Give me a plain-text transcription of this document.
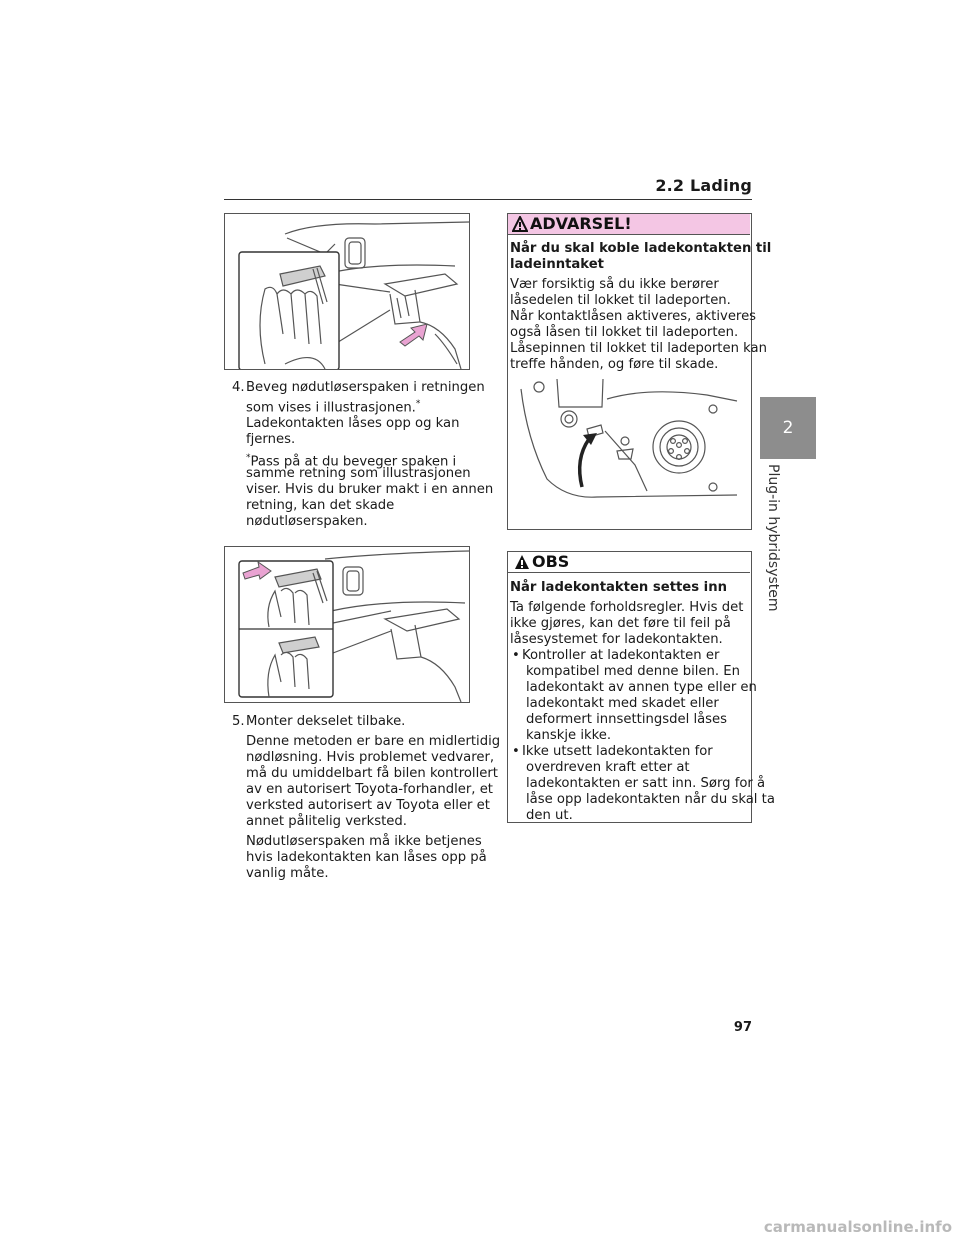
2.2 Lading
2
Plug-in hybridsystem
4. Beveg nødutløserspaken i retningen
som vises i illustrasjonen.*
Ladekontakten låses opp og kan
fjernes.
*Pass på at du beveger spaken i
samme retning som illustrasjonen
viser. Hvis du bruker makt i en annen
retning, kan det skade
nødutløserspaken.
5. Monter dekselet tilbake.
Denne metoden er bare en midlertidig
nødløsning. Hvis problemet vedvarer,
må du umiddelbart få bilen kontrollert
av en autorisert Toyota-forhandler, et
verksted autorisert av Toyota eller et
annet pålitelig verksted.
Nødutløserspaken må ikke betjenes
hvis ladekontakten kan låses opp på
vanlig måte.
ADVARSEL!
Når du skal koble ladekontakten til
ladeinntaket
Vær forsiktig så du ikke berører
låsedelen til lokket til ladeporten.
Når kontaktlåsen aktiveres, aktiveres
også låsen til lokket til ladeporten.
Låsepinnen til lokket til ladeporten kan
treffe hånden, og føre til skade.
OBS
Når ladekontakten settes inn
Ta følgende forholdsregler. Hvis det
ikke gjøres, kan det føre til feil på
låsesystemet for ladekontakten.
• Kontroller at ladekontakten er
kompatibel med denne bilen. En
ladekontakt av annen type eller en
ladekontakt med skadet eller
deformert innsettingsdel låses
kanskje ikke.
• Ikke utsett ladekontakten for
overdreven kraft etter at
ladekontakten er satt inn. Sørg for å
låse opp ladekontakten når du skal ta
den ut.
97
carmanualsonline.info
